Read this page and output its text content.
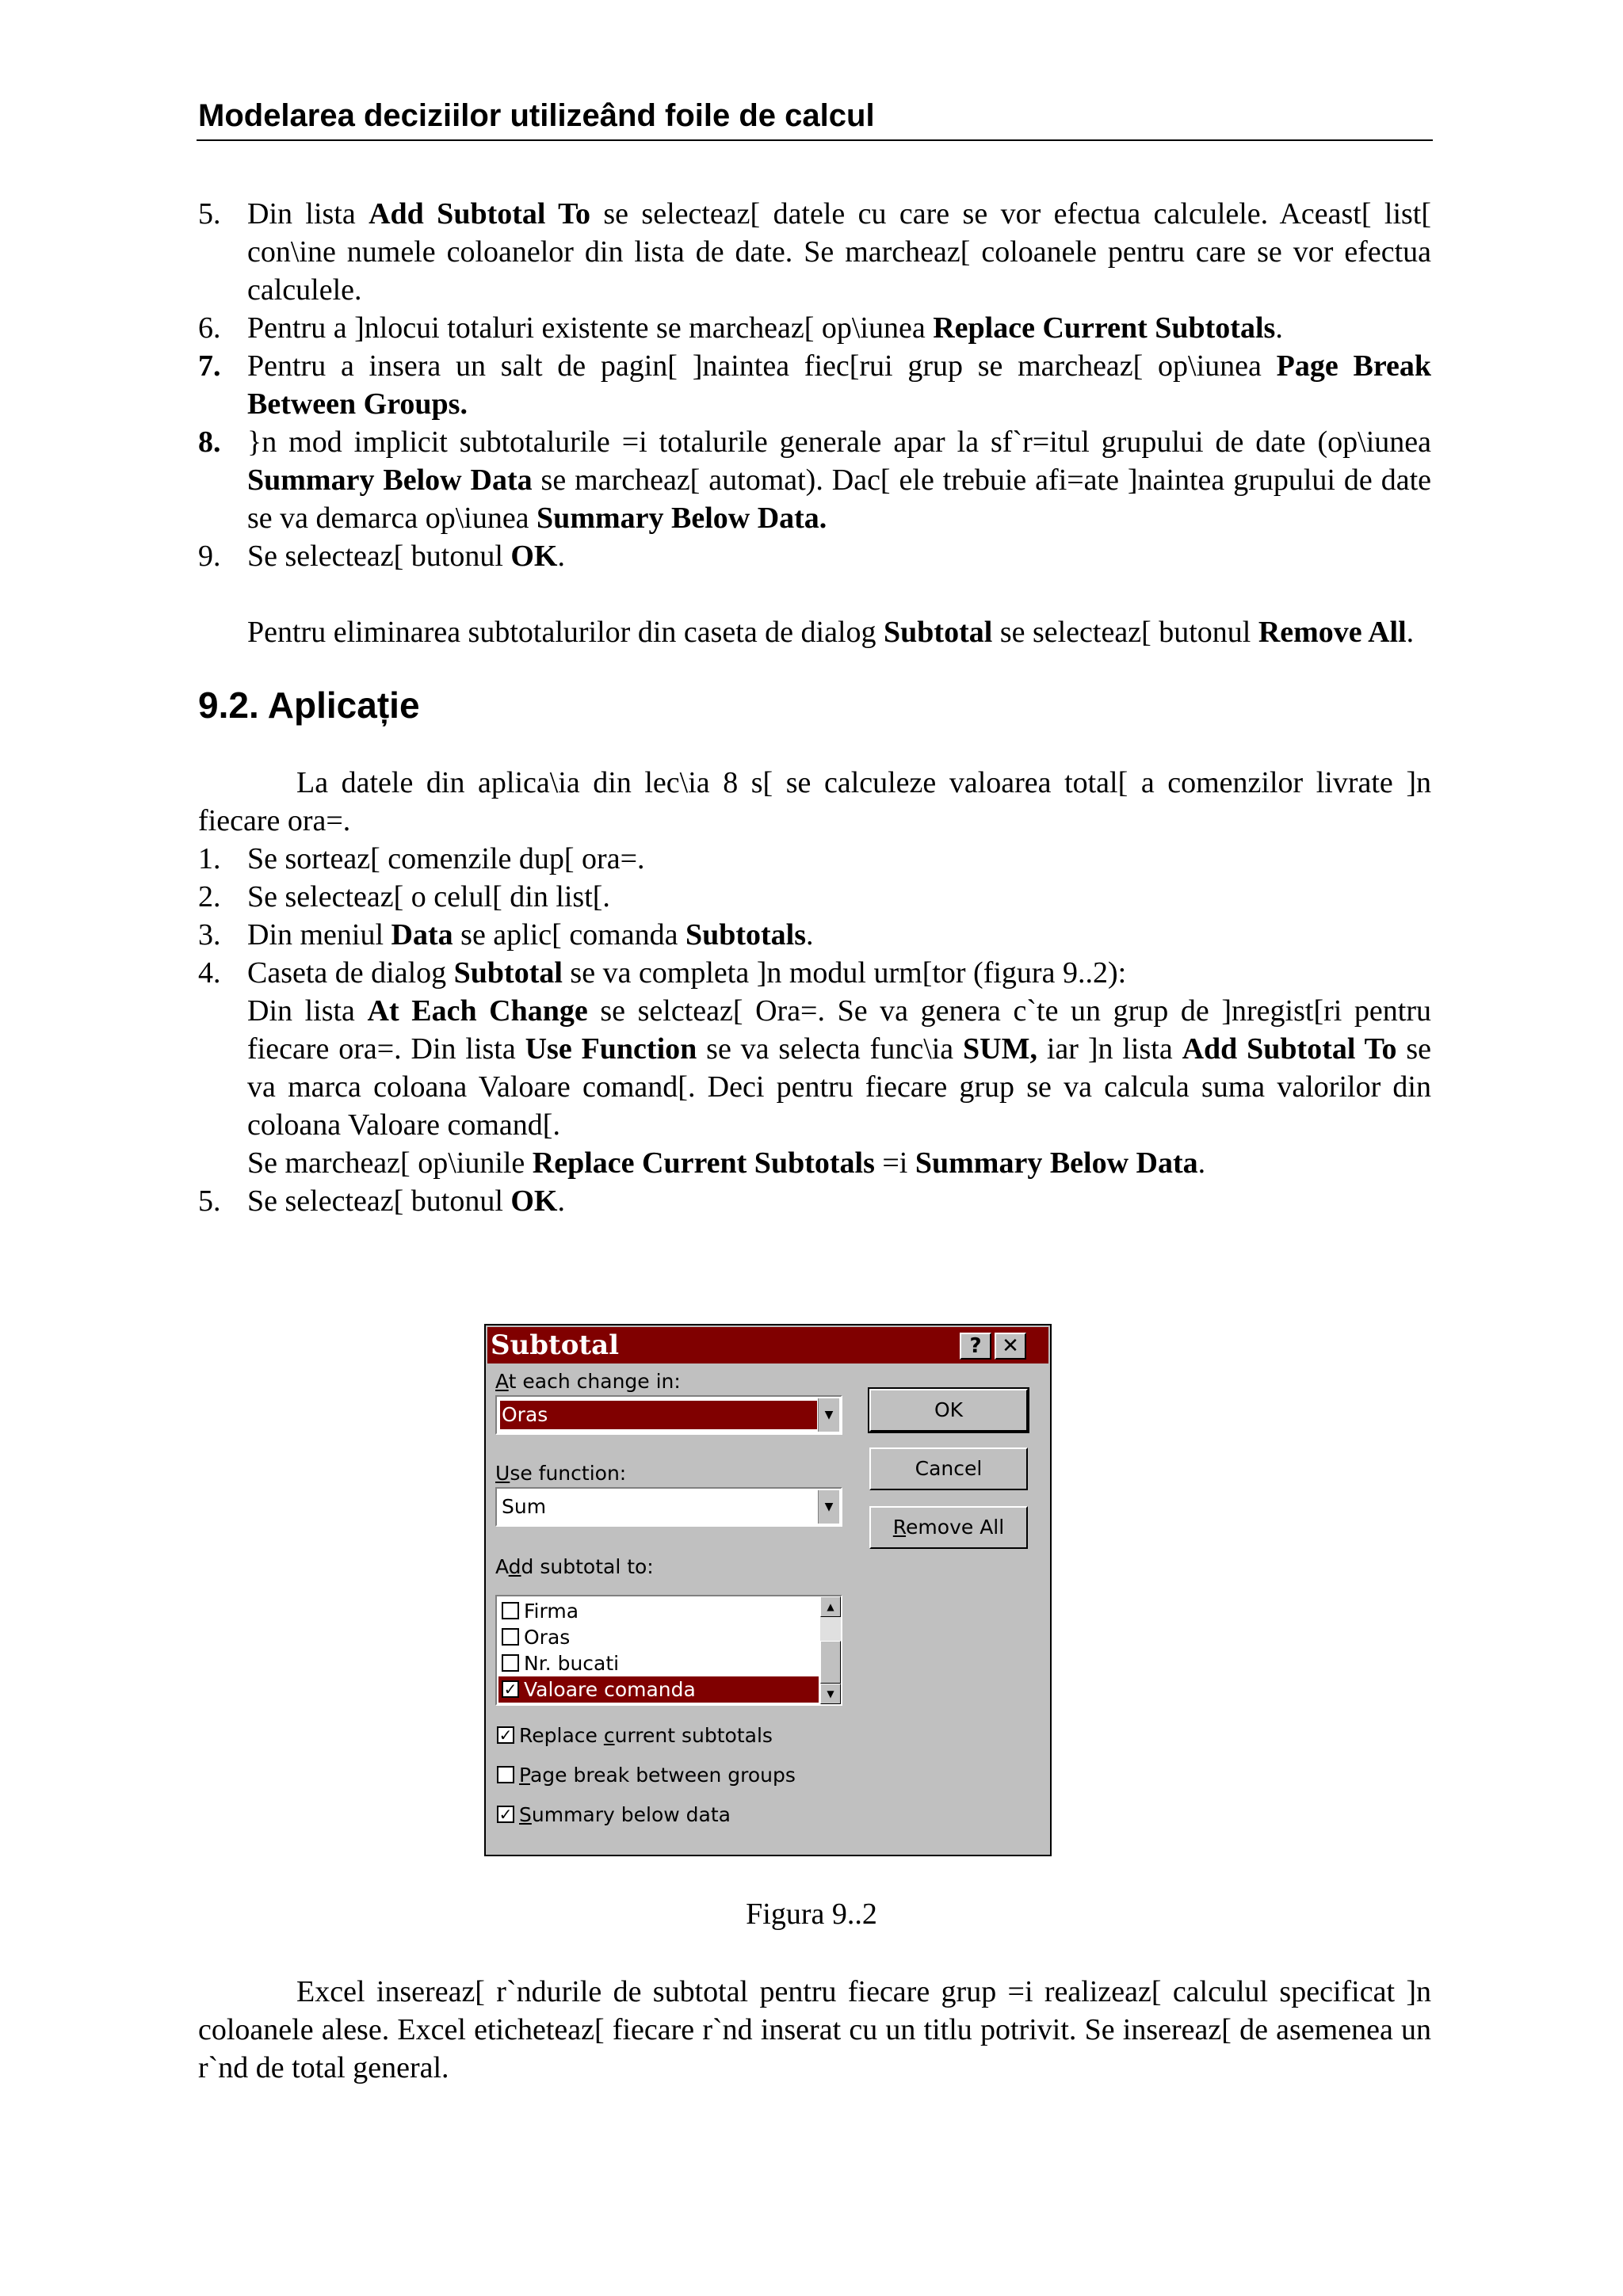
Modelarea deciziilor utilizeând foile de calcul
5. Din lista Add Subtotal To se selecteaz[ datele cu care se vor efectua calculele. Aceast[ list[ con\ine numele coloanelor din lista de date. Se marcheaz[ coloanele pentru care se vor efectua calculele.
6. Pentru a ]nlocui totaluri existente se marcheaz[ op\iunea Replace Current Subtotals.
7. Pentru a insera un salt de pagin[ ]naintea fiec[rui grup se marcheaz[ op\iunea Page Break Between Groups.
8. }n mod implicit subtotalurile =i totalurile generale apar la sf`r=itul grupului de date (op\iunea Summary Below Data se marcheaz[ automat). Dac[ ele trebuie afi=ate ]naintea grupului de date se va demarca op\iunea Summary Below Data.
9. Se selecteaz[ butonul OK.
Pentru eliminarea subtotalurilor din caseta de dialog Subtotal se selecteaz[ butonul Remove All.
9.2. Aplicație
La datele din aplica\ia din lec\ia 8 s[ se calculeze valoarea total[ a comenzilor livrate ]n fiecare ora=.
1. Se sorteaz[ comenzile dup[ ora=.
2. Se selecteaz[ o celul[ din list[.
3. Din meniul Data se aplic[ comanda Subtotals.
4. Caseta de dialog Subtotal se va completa ]n modul urm[tor (figura 9..2):
Din lista At Each Change se selcteaz[ Ora=. Se va genera c`te un grup de ]nregist[ri pentru fiecare ora=. Din lista Use Function se va selecta func\ia SUM, iar ]n lista Add Subtotal To se va marca coloana Valoare comand[. Deci pentru fiecare grup se va calcula suma valorilor din coloana Valoare comand[.
Se marcheaz[ op\iunile Replace Current Subtotals =i Summary Below Data.
5. Se selecteaz[ butonul OK.
Subtotal	? ✕
At each change in:
Oras	▼
Use function:
Sum	▼
Add subtotal to:
Firma
Oras
Nr. bucati
✓ Valoare comanda
▲
▼
✓ Replace current subtotals
Page break between groups
✓ Summary below data
OK
Cancel
Remove All
Figura 9..2
Excel insereaz[ r`ndurile de subtotal pentru fiecare grup =i realizeaz[ calculul specificat ]n coloanele alese. Excel eticheteaz[ fiecare r`nd inserat cu un titlu potrivit. Se insereaz[ de asemenea un r`nd de total general.
